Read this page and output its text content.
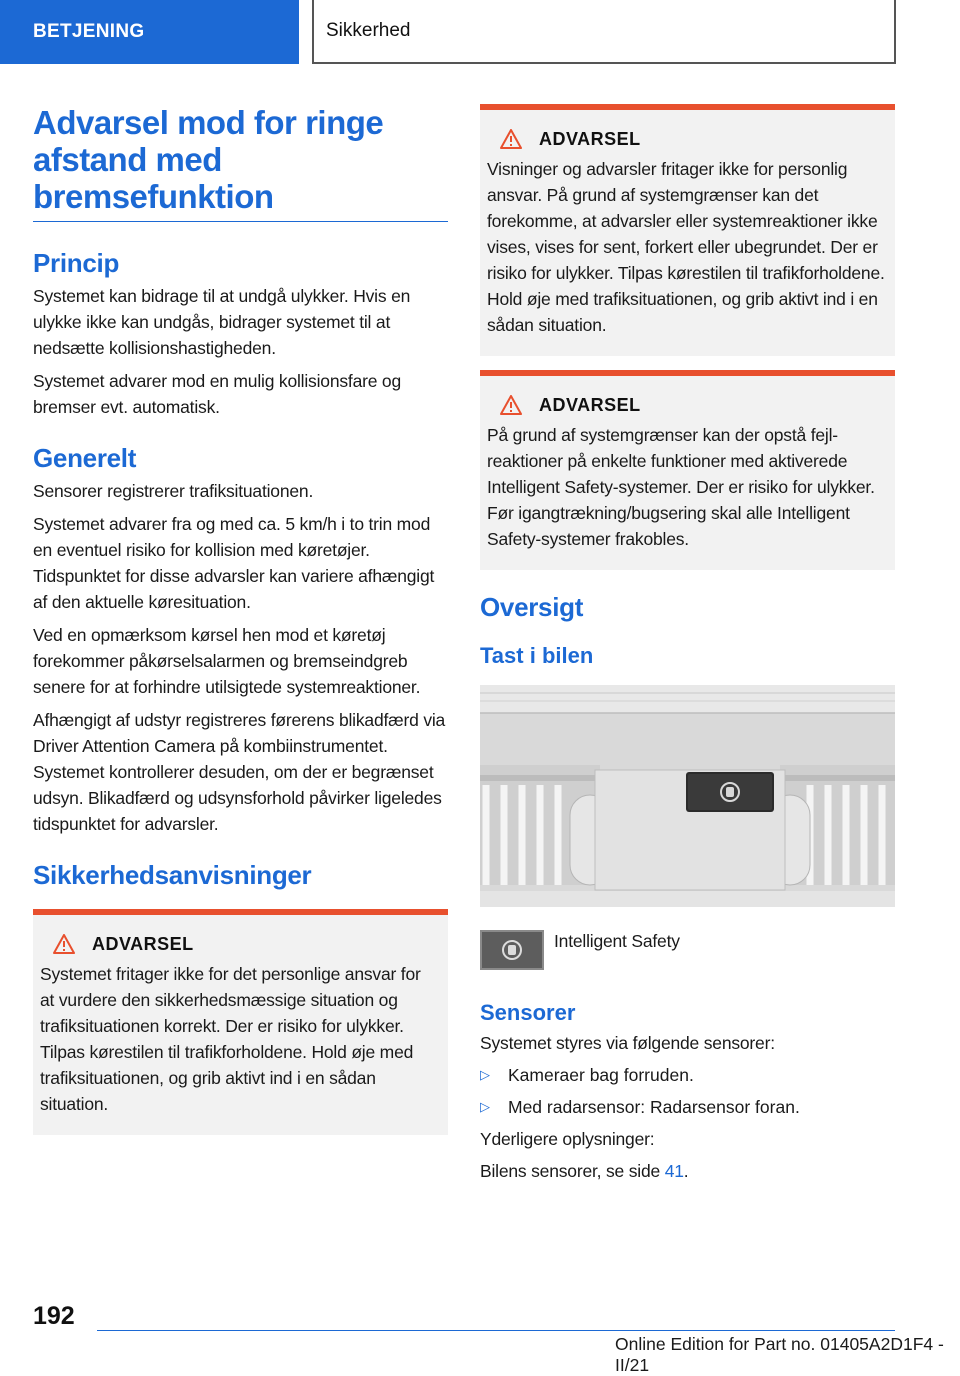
BETJENING	Sikkerhed
Advarsel mod for ringe afstand med bremsefunktion
Princip

Systemet kan bidrage til at undgå ulykker. Hvis en ulykke ikke kan undgås, bidrager systemet til at nedsætte kollisionshastigheden.

Systemet advarer mod en mulig kollisionsfare og bremser evt. automatisk.

Generelt

Sensorer registrerer trafiksituationen.

Systemet advarer fra og med ca. 5 km/h i to trin mod en eventuel risiko for kollision med køretøjer. Tidspunktet for disse advarsler kan variere afhængigt af den aktuelle køresituation.

Ved en opmærksom kørsel hen mod et køretøj forekommer påkørselsalarmen og bremseindgreb senere for at forhindre utilsigtede systemreaktioner.

Afhængigt af udstyr registreres førerens blikadfærd via Driver Attention Camera på kombiinstrumentet. Systemet kontrollerer desuden, om der er begrænset udsyn. Blikadfærd og udsynsforhold påvirker ligeledes tidspunktet for advarsler.

Sikkerhedsanvisninger
ADVARSEL

Systemet fritager ikke for det personlige ansvar for at vurdere den sikkerhedsmæssige situation og trafiksituationen korrekt. Der er risiko for ulykker. Tilpas kørestilen til trafikforholdene. Hold øje med trafiksituationen, og grib aktivt ind i en sådan situation.

ADVARSEL

Visninger og advarsler fritager ikke for personlig ansvar. På grund af systemgrænser kan det forekomme, at advarsler eller systemreaktioner ikke vises, vises for sent, forkert eller ubegrundet. Der er risiko for ulykker. Tilpas kørestilen til trafikforholdene. Hold øje med trafiksituationen, og grib aktivt ind i en sådan situation.

ADVARSEL

På grund af systemgrænser kan der opstå fejlreaktioner på enkelte funktioner med aktiverede Intelligent Safety-systemer. Der er risiko for ulykker. Før igangtrækning/bugsering skal alle Intelligent Safety-systemer frakobles.

Oversigt
Tast i bilen

Intelligent Safety

Sensorer

Systemet styres via følgende sensorer:

▷	Kameraer bag forruden.
▷	Med radarsensor: Radarsensor foran.

Yderligere oplysninger:

Bilens sensorer, se side 41.

192
Online Edition for Part no. 01405A2D1F4 - II/21
